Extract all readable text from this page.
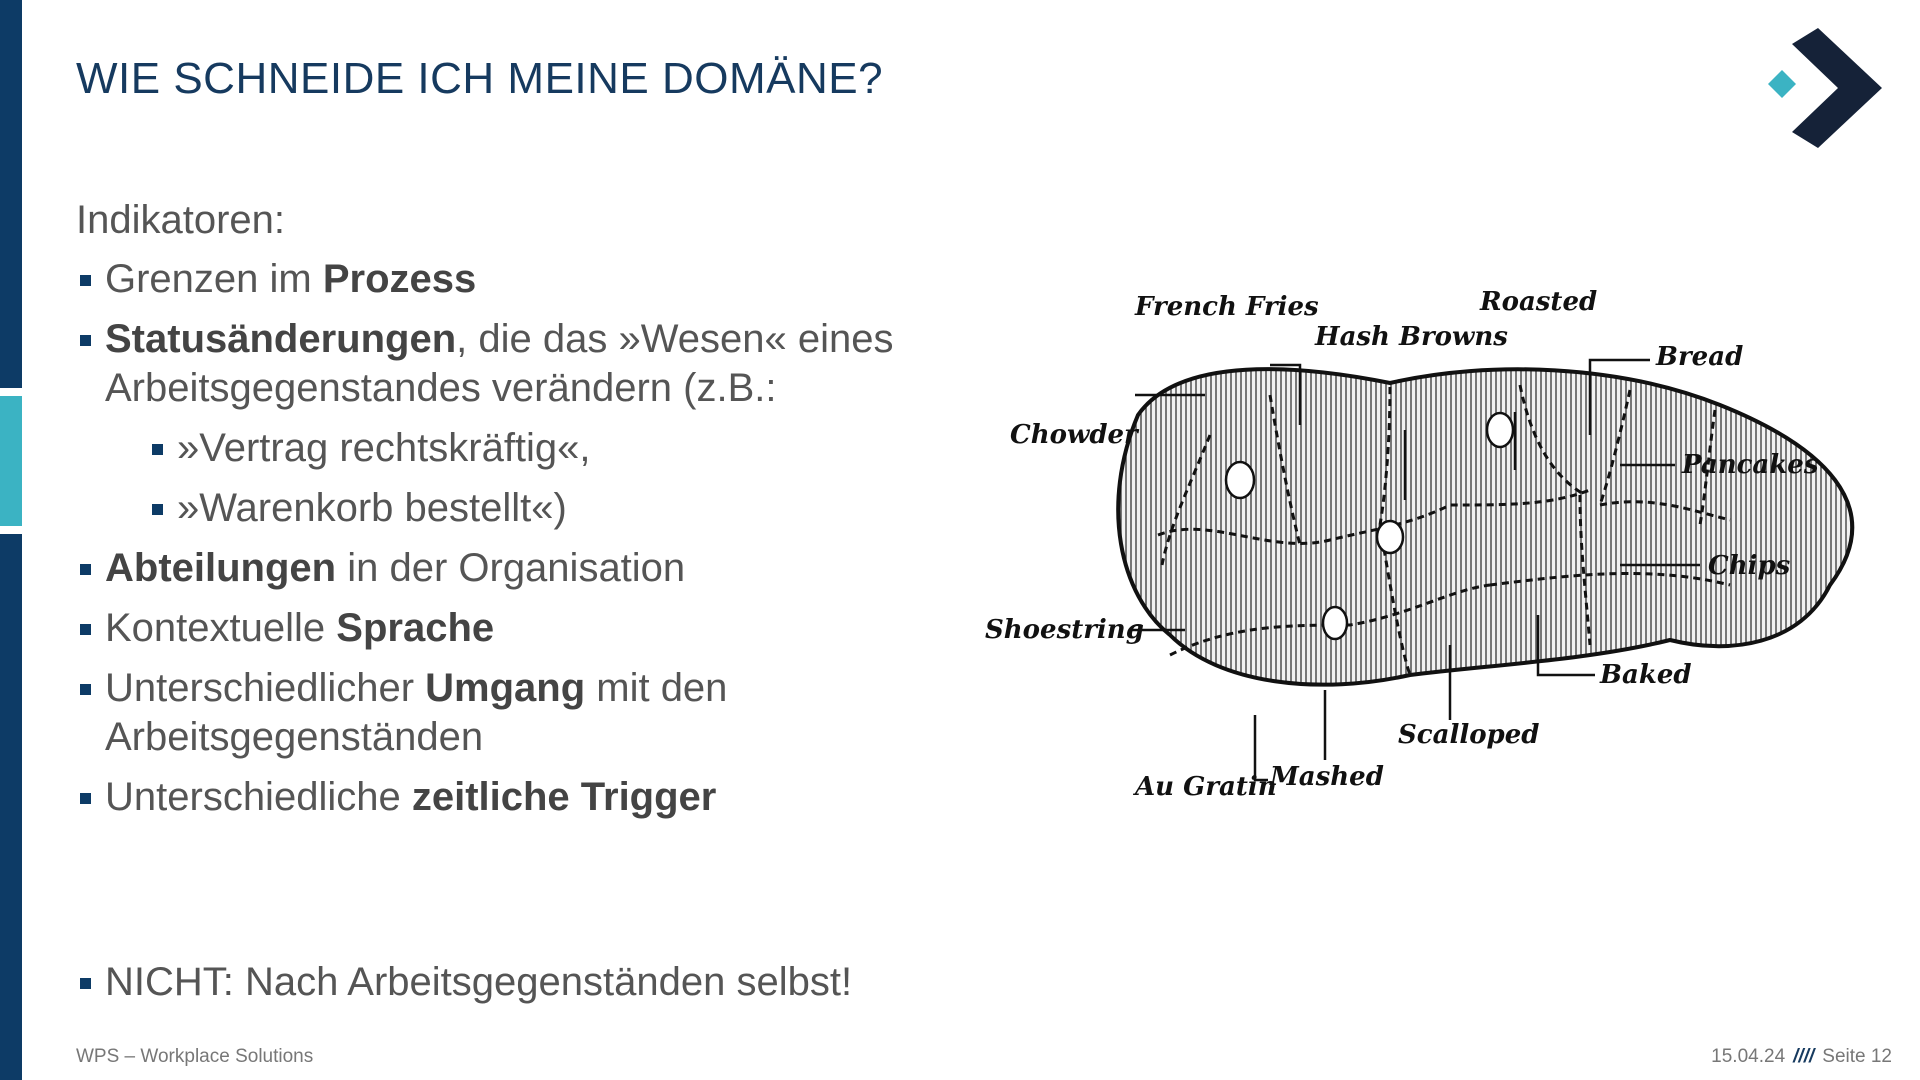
WIE SCHNEIDE ICH MEINE DOMÄNE?
Indikatoren:
Grenzen im Prozess
Statusänderungen, die das »Wesen« eines Arbeitsgegenstandes verändern (z.B.:
»Vertrag rechtskräftig«,
»Warenkorb bestellt«)
Abteilungen in der Organisation
Kontextuelle Sprache
Unterschiedlicher Umgang mit den Arbeitsgegenständen
Unterschiedliche zeitliche Trigger
NICHT: Nach Arbeitsgegenständen selbst!
French Fries
Hash Browns
Roasted
Bread
Chowder
Pancakes
Chips
Shoestring
Baked
Scalloped
Au Gratin
Mashed
WPS – Workplace Solutions	15.04.24 //// Seite 12
